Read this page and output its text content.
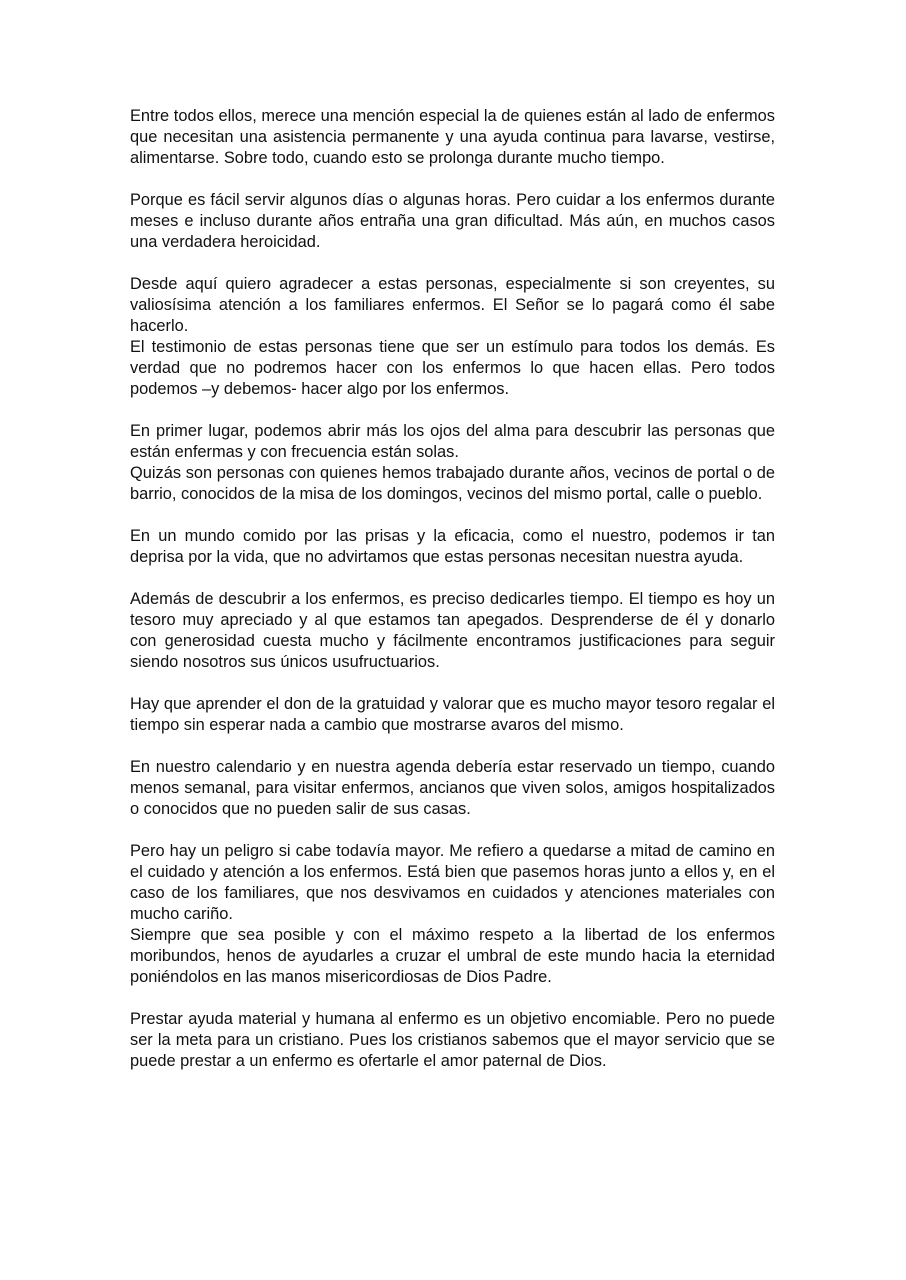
Entre todos ellos, merece una mención especial la de quienes están al lado de enfermos que necesitan una asistencia permanente y una ayuda continua para lavarse, vestirse, alimentarse. Sobre todo, cuando esto se prolonga durante mucho tiempo.

Porque es fácil servir algunos días o algunas horas. Pero cuidar a los enfermos durante meses e incluso durante años entraña una gran dificultad. Más aún, en muchos casos una verdadera heroicidad.

Desde aquí quiero agradecer a estas personas, especialmente si son creyentes, su valiosísima atención a los familiares enfermos. El Señor se lo pagará como él sabe hacerlo.

El testimonio de estas personas tiene que ser un estímulo para todos los demás. Es verdad que no podremos hacer con los enfermos lo que hacen ellas. Pero todos podemos –y debemos- hacer algo por los enfermos.

En primer lugar, podemos abrir más los ojos del alma para descubrir las personas que están enfermas y con frecuencia están solas.

Quizás son personas con quienes hemos trabajado durante años, vecinos de portal o de barrio, conocidos de la misa de los domingos, vecinos del mismo portal, calle o pueblo.

En un mundo comido por las prisas y la eficacia, como el nuestro, podemos ir tan deprisa por la vida, que no advirtamos que estas personas necesitan nuestra ayuda.

Además de descubrir a los enfermos, es preciso dedicarles tiempo. El tiempo es hoy un tesoro muy apreciado y al que estamos tan apegados. Desprenderse de él y donarlo con generosidad cuesta mucho y fácilmente encontramos justificaciones para seguir siendo nosotros sus únicos usufructuarios.

Hay que aprender el don de la gratuidad y valorar que es mucho mayor tesoro regalar el tiempo sin esperar nada a cambio que mostrarse avaros del mismo.

En nuestro calendario y en nuestra agenda debería estar reservado un tiempo, cuando menos semanal, para visitar enfermos, ancianos que viven solos, amigos hospitalizados o conocidos que no pueden salir de sus casas.

Pero hay un peligro si cabe todavía mayor. Me refiero a quedarse a mitad de camino en el cuidado y atención a los enfermos. Está bien que pasemos horas junto a ellos y, en el caso de los familiares, que nos desvivamos en cuidados y atenciones materiales con mucho cariño.

Siempre que sea posible y con el máximo respeto a la libertad de los enfermos moribundos, henos de ayudarles a cruzar el umbral de este mundo hacia la eternidad poniéndolos en las manos misericordiosas de Dios Padre.

Prestar ayuda material y humana al enfermo es un objetivo encomiable. Pero no puede ser la meta para un cristiano. Pues los cristianos sabemos que el mayor servicio que se puede prestar a un enfermo es ofertarle el amor paternal de Dios.
